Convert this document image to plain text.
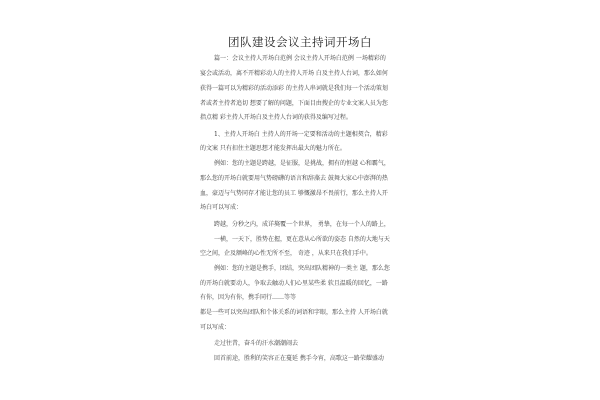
团队建设会议主持词开场白
篇一：会议主持人开场白范例 会议主持人开场白范例 一场精彩的
宴会或活动，离不开精彩动人的主持人开场 白及主持人台词，那么如何
获得一篇可以为精彩的活动添彩 的主持人串词就是我们每一个活动策划
者或者主持者追切 想要了解的问题，下面目由搜企的专业文案人员为您
指点精 彩主持人开场白及主持人台词的获得及编写过程。
1、主持人开场白 主持人的开场一定要和活动的主题相契合，精彩
的文案 只有扣住主题思想才能发挥出最大的魅力所在。
例如：您的主题是跨越，是征服，是挑战，拥有的恒越 心和霸气，
那么您的开场白就要用气势磅礴的语言和辞藻去 鼓舞大家心中澎湃的热
血，豪迈与气势同存才能让您的员工 够慨激昂不畏前行，那么主持人开
场白可以写成：
跨越，分秒之内，成详獒覆一个世界， 勇挚，在每一个人的路上，
一横，一天下，胜势在握，更在意从心所欲的姿态 自然的大地与天
空之间，企及额峰的心性无所不至， 奇迹 ，从来只在我们手中。
例如：您的主题是携手，团结，突出团队精神的一类主 题，那么您
的开场白就要动人，争取去触动人们心里某些柔 软且温暖的回忆，一路
有你，因为有你，携手同行……等等
都是一些可以突出团队和个体关系的词语和字眼，那么主持 人开场白就
可以写成：
走过往昔，奋斗的汗水潮潮闹去
回首前途，胜利的笑容正在蔓延 携手今宵，高歌这一路荣耀盛动
